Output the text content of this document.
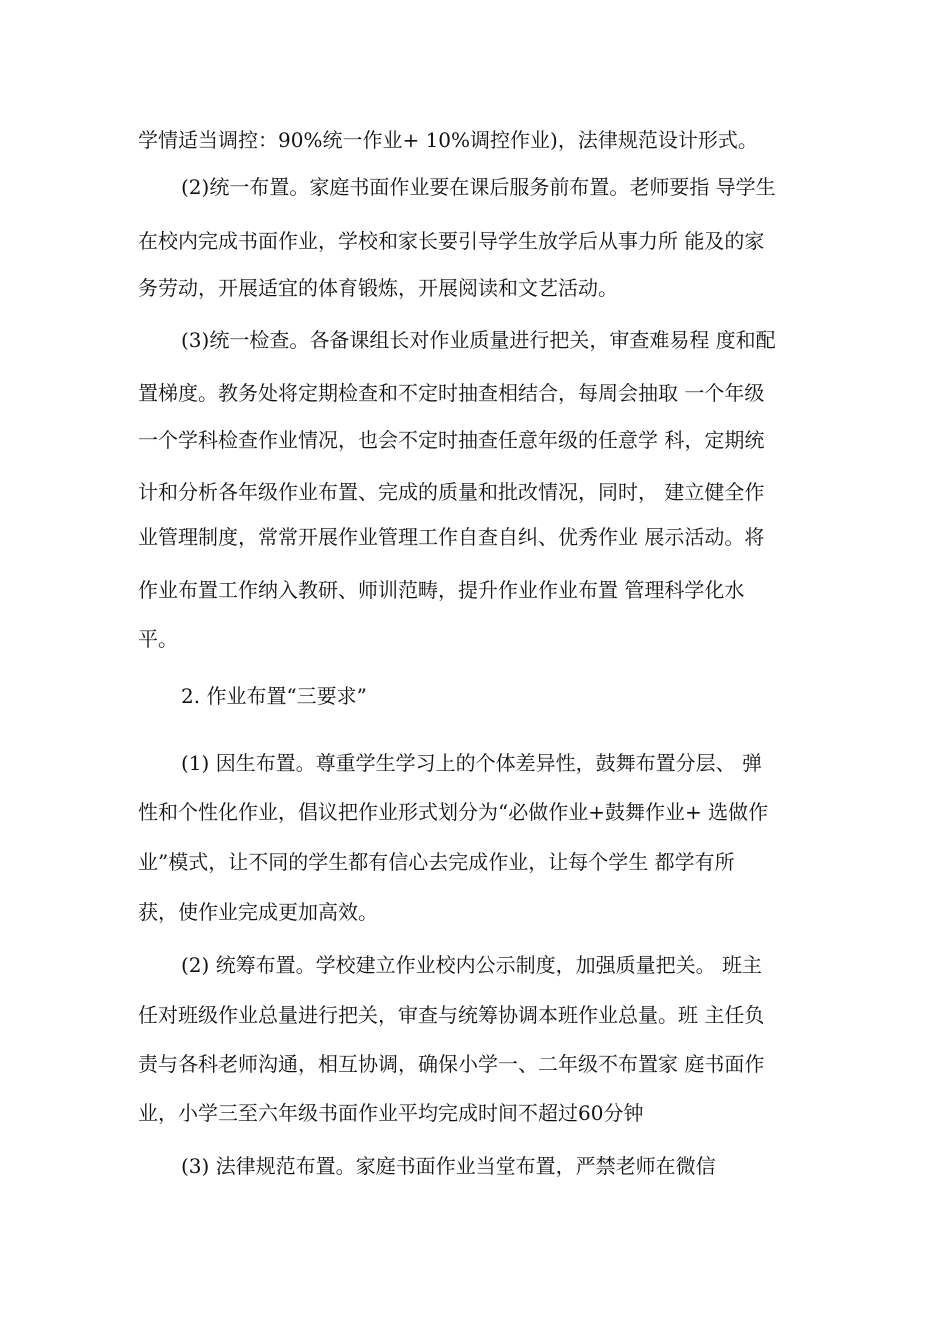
学情适当调控：90%统一作业+ 10%调控作业)，法律规范设计形式。
(2)统一布置。家庭书面作业要在课后服务前布置。老师要指 导学生
在校内完成书面作业，学校和家长要引导学生放学后从事力所 能及的家
务劳动，开展适宜的体育锻炼，开展阅读和文艺活动。
(3)统一检查。各备课组长对作业质量进行把关，审查难易程 度和配
置梯度。教务处将定期检查和不定时抽查相结合，每周会抽取 一个年级
一个学科检查作业情况，也会不定时抽查任意年级的任意学 科，定期统
计和分析各年级作业布置、完成的质量和批改情况，同时， 建立健全作
业管理制度，常常开展作业管理工作自查自纠、优秀作业 展示活动。将
作业布置工作纳入教研、师训范畴，提升作业作业布置 管理科学化水
平。
2. 作业布置“三要求”
(1) 因生布置。尊重学生学习上的个体差异性，鼓舞布置分层、 弹
性和个性化作业，倡议把作业形式划分为“必做作业+鼓舞作业+ 选做作
业”模式，让不同的学生都有信心去完成作业，让每个学生 都学有所
获，使作业完成更加高效。
(2) 统筹布置。学校建立作业校内公示制度，加强质量把关。 班主
任对班级作业总量进行把关，审查与统筹协调本班作业总量。班 主任负
责与各科老师沟通，相互协调，确保小学一、二年级不布置家 庭书面作
业，小学三至六年级书面作业平均完成时间不超过60分钟
(3) 法律规范布置。家庭书面作业当堂布置，严禁老师在微信
